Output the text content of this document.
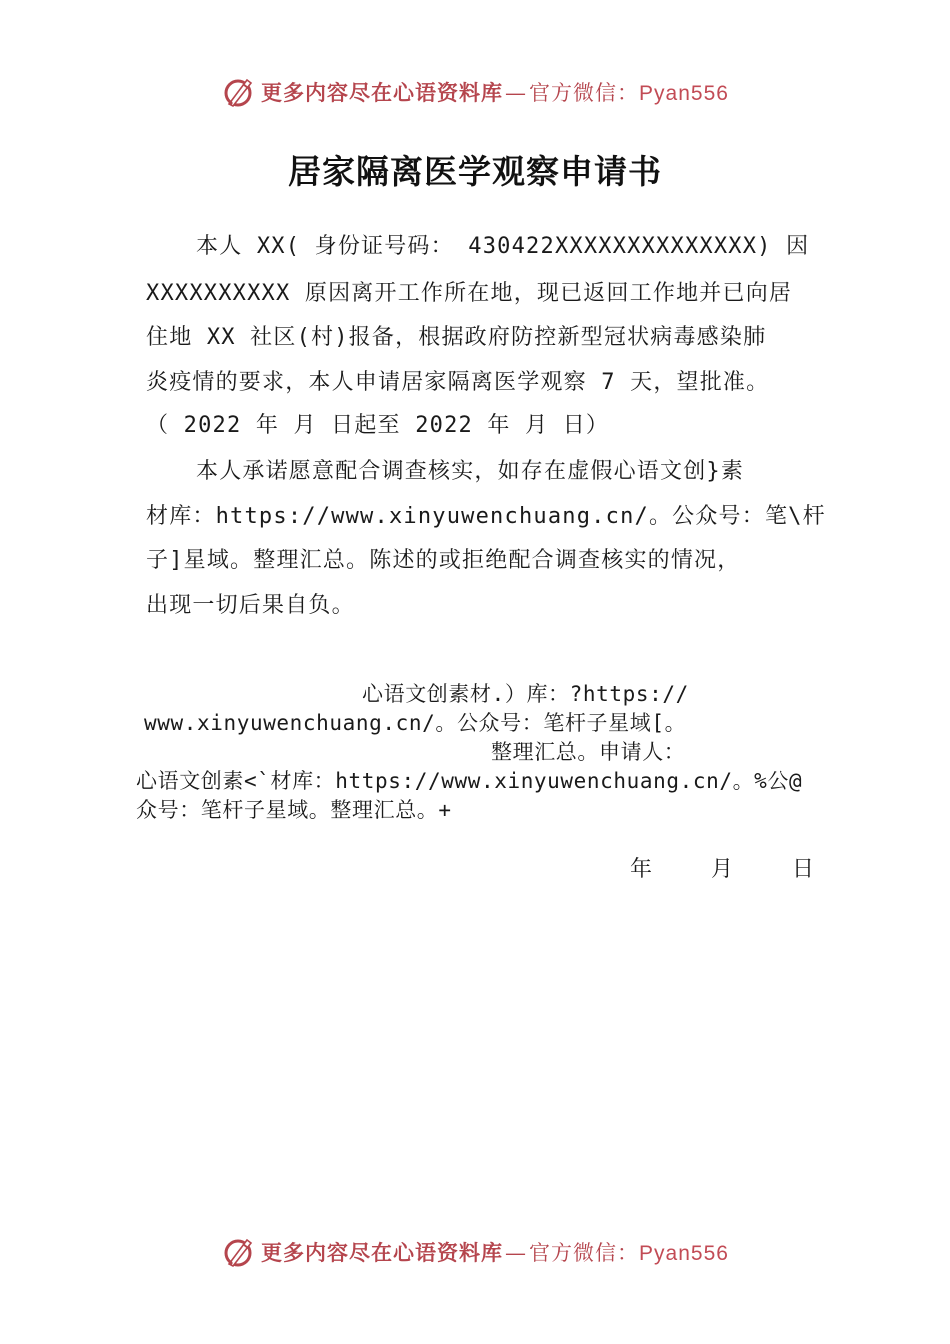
更多内容尽在心语资料库—官方微信：Pyan556
居家隔离医学观察申请书
本人 XX( 身份证号码： 430422XXXXXXXXXXXXXX) 因
XXXXXXXXXX 原因离开工作所在地，现已返回工作地并已向居
住地 XX 社区(村)报备，根据政府防控新型冠状病毒感染肺
炎疫情的要求，本人申请居家隔离医学观察 7 天，望批准。
（ 2022 年 月 日起至 2022 年 月 日）
本人承诺愿意配合调查核实，如存在虚假心语文创}素
材库：https://www.xinyuwenchuang.cn/。公众号：笔\杆
子]星域。整理汇总。陈述的或拒绝配合调查核实的情况，
出现一切后果自负。
心语文创素材.）库：?https://
www.xinyuwenchuang.cn/。公众号：笔杆子星域[。
整理汇总。申请人：
心语文创素<`材库：https://www.xinyuwenchuang.cn/。%公@
众号：笔杆子星域。整理汇总。+
年    月    日
更多内容尽在心语资料库—官方微信：Pyan556
